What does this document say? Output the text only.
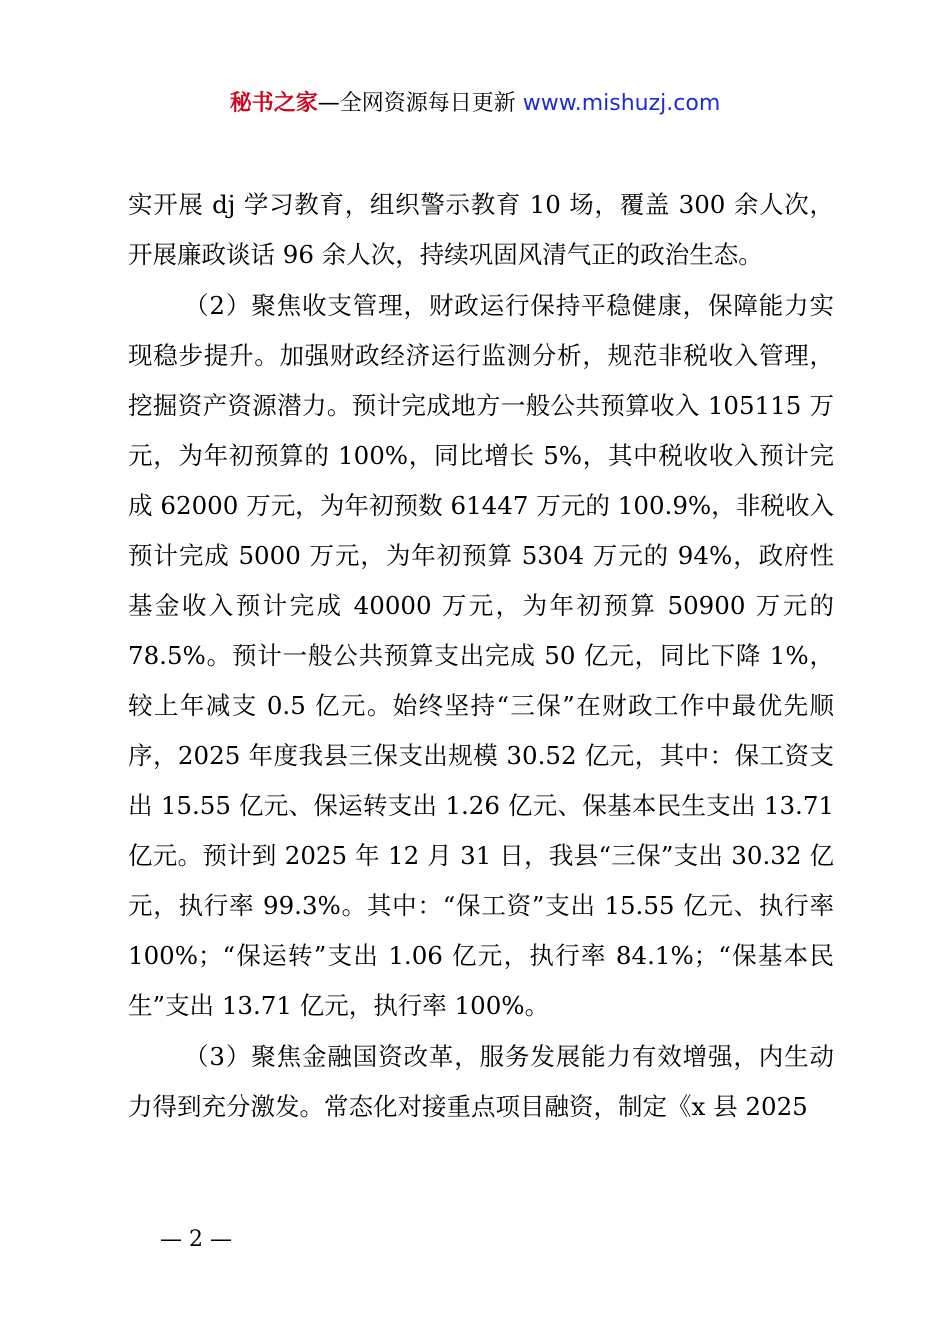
秘书之家—全网资源每日更新 www.mishuzj.com

实开展 dj 学习教育，组织警示教育 10 场，覆盖 300 余人次，开展廉政谈话 96 余人次，持续巩固风清气正的政治生态。

（2）聚焦收支管理，财政运行保持平稳健康，保障能力实现稳步提升。加强财政经济运行监测分析，规范非税收入管理，挖掘资产资源潜力。预计完成地方一般公共预算收入 105115 万元，为年初预算的 100%，同比增长 5%，其中税收收入预计完成 62000 万元，为年初预数 61447 万元的 100.9%，非税收入预计完成 5000 万元，为年初预算 5304 万元的 94%，政府性基金收入预计完成 40000 万元，为年初预算 50900 万元的 78.5%。预计一般公共预算支出完成 50 亿元，同比下降 1%，较上年减支 0.5 亿元。始终坚持“三保”在财政工作中最优先顺序，2025 年度我县三保支出规模 30.52 亿元，其中：保工资支出 15.55 亿元、保运转支出 1.26 亿元、保基本民生支出 13.71 亿元。预计到 2025 年 12 月 31 日，我县“三保”支出 30.32 亿元，执行率 99.3%。其中：“保工资”支出 15.55 亿元、执行率 100%；“保运转”支出 1.06 亿元，执行率 84.1%；“保基本民生”支出 13.71 亿元，执行率 100%。

（3）聚焦金融国资改革，服务发展能力有效增强，内生动力得到充分激发。常态化对接重点项目融资，制定《x 县 2025

— 2 —
